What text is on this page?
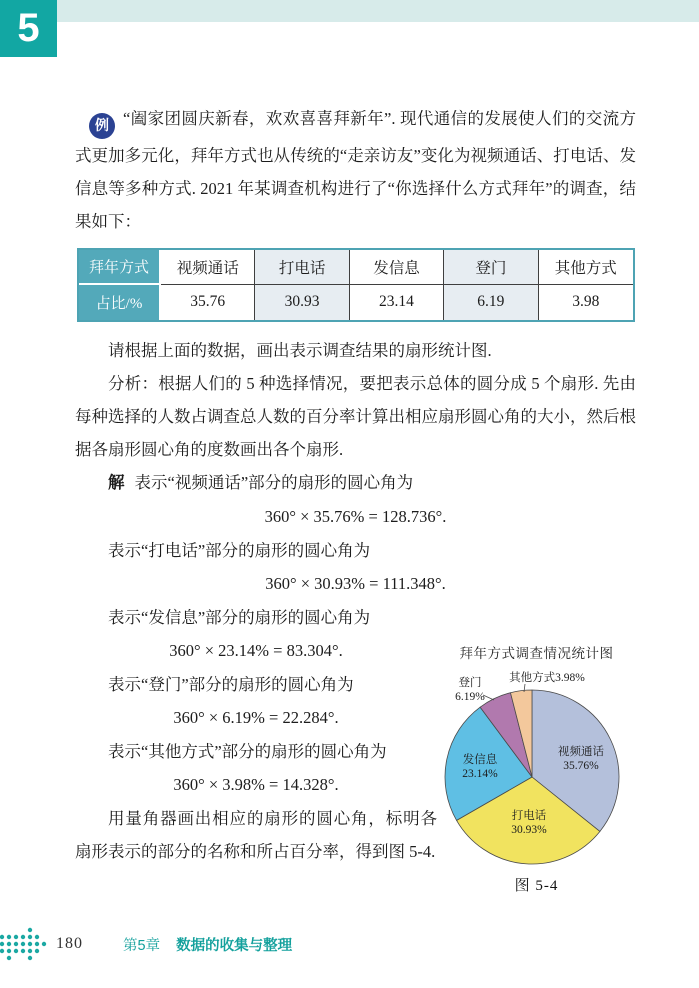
5

例 “阖家团圆庆新春，欢欢喜喜拜新年”. 现代通信的发展使人们的交流方式更加多元化，拜年方式也从传统的“走亲访友”变化为视频通话、打电话、发信息等多种方式. 2021 年某调查机构进行了“你选择什么方式拜年”的调查，结果如下：

拜年方式	视频通话	打电话	发信息	登门	其他方式
占比/%	35.76	30.93	23.14	6.19	3.98

请根据上面的数据，画出表示调查结果的扇形统计图.

分析：根据人们的 5 种选择情况，要把表示总体的圆分成 5 个扇形. 先由每种选择的人数占调查总人数的百分率计算出相应扇形圆心角的大小，然后根据各扇形圆心角的度数画出各个扇形.

解 表示“视频通话”部分的扇形的圆心角为

360° × 35.76% = 128.736°.

表示“打电话”部分的扇形的圆心角为

360° × 30.93% = 111.348°.

表示“发信息”部分的扇形的圆心角为

360° × 23.14% = 83.304°.

表示“登门”部分的扇形的圆心角为

360° × 6.19% = 22.284°.

表示“其他方式”部分的扇形的圆心角为

360° × 3.98% = 14.328°.

用量角器画出相应的扇形的圆心角，标明各扇形表示的部分的名称和所占百分率，得到图 5-4.

拜年方式调查情况统计图
视频通话 35.76%
打电话 30.93%
发信息 23.14%
登门 6.19%
其他方式3.98%
图 5-4
180	第5章 数据的收集与整理
